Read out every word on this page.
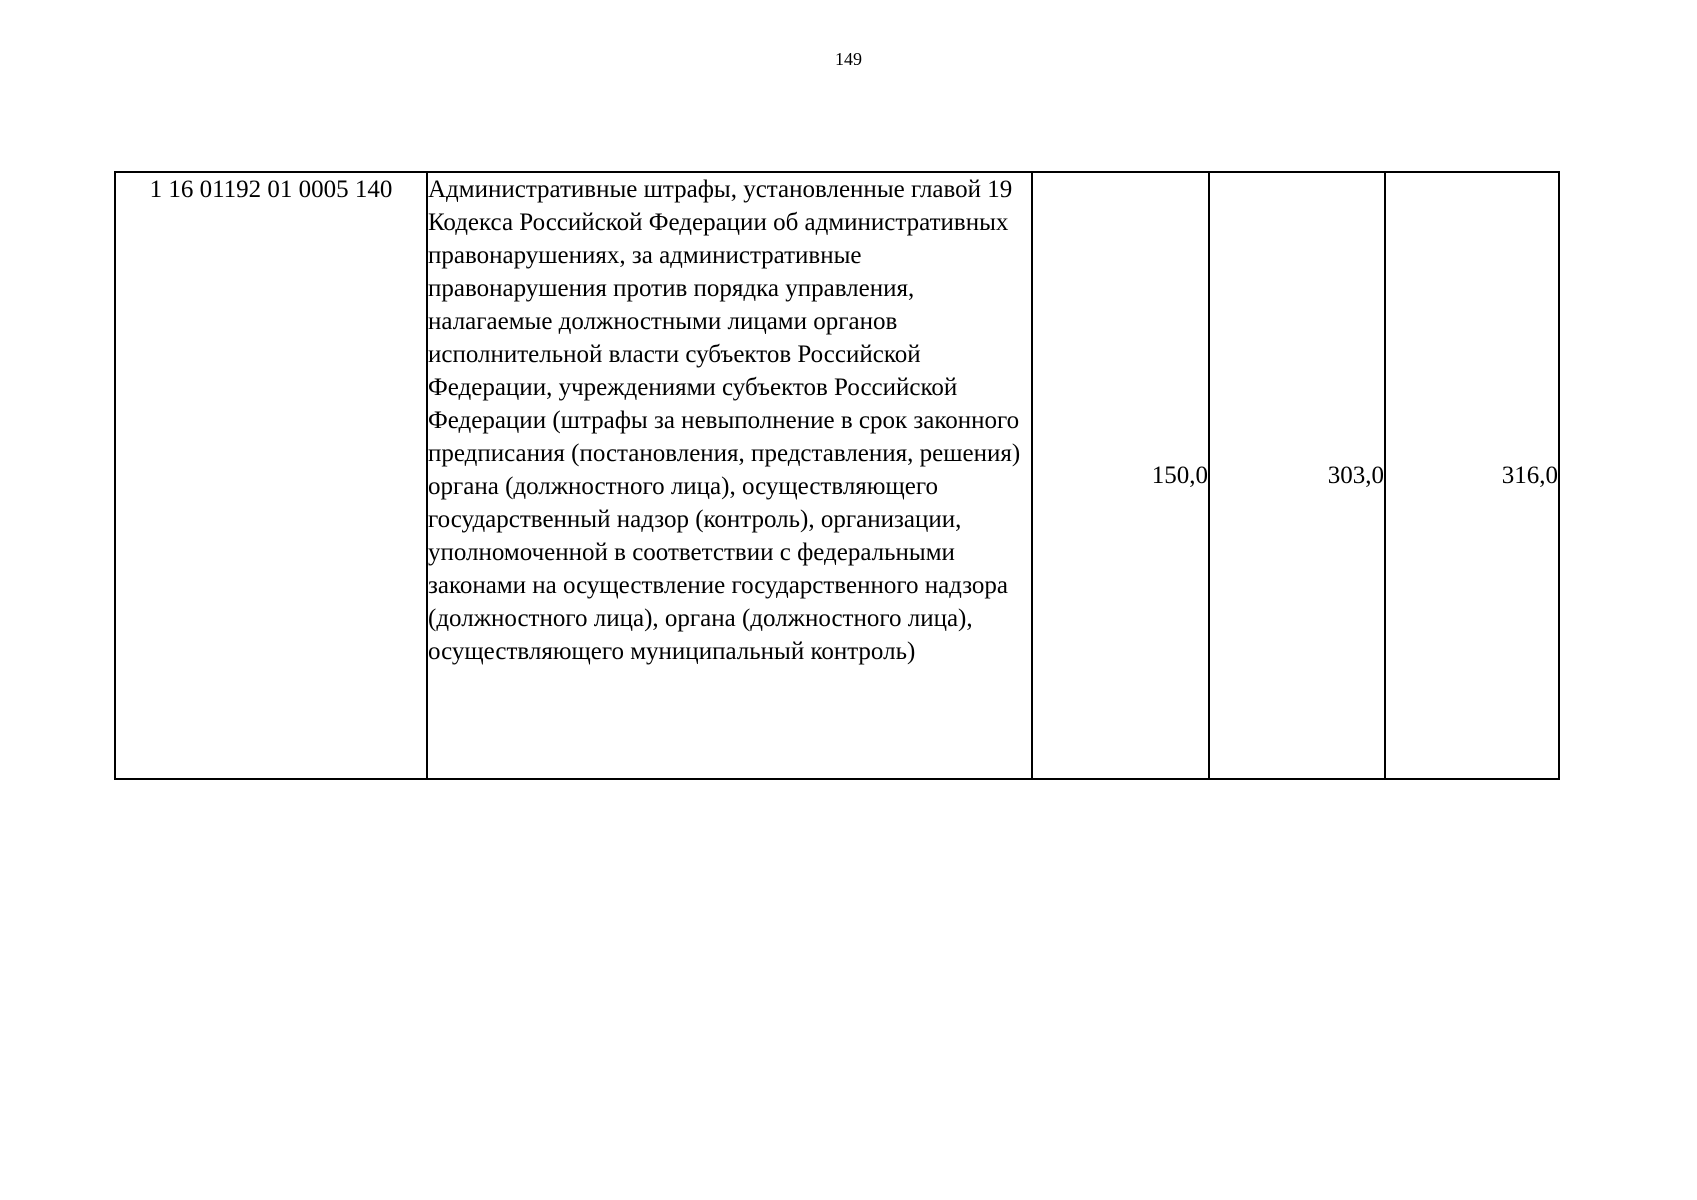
149
1 16 01192 01 0005 140	Административные штрафы, установленные главой 19 Кодекса Российской Федерации об административных правонарушениях, за административные правонарушения против порядка управления, налагаемые должностными лицами органов исполнительной власти субъектов Российской Федерации, учреждениями субъектов Российской Федерации (штрафы за невыполнение в срок законного предписания (постановления, представления, решения) органа (должностного лица), осуществляющего государственный надзор (контроль), организации, уполномоченной в соответствии с федеральными законами на осуществление государственного надзора (должностного лица), органа (должностного лица), осуществляющего муниципальный контроль)	150,0	303,0	316,0
